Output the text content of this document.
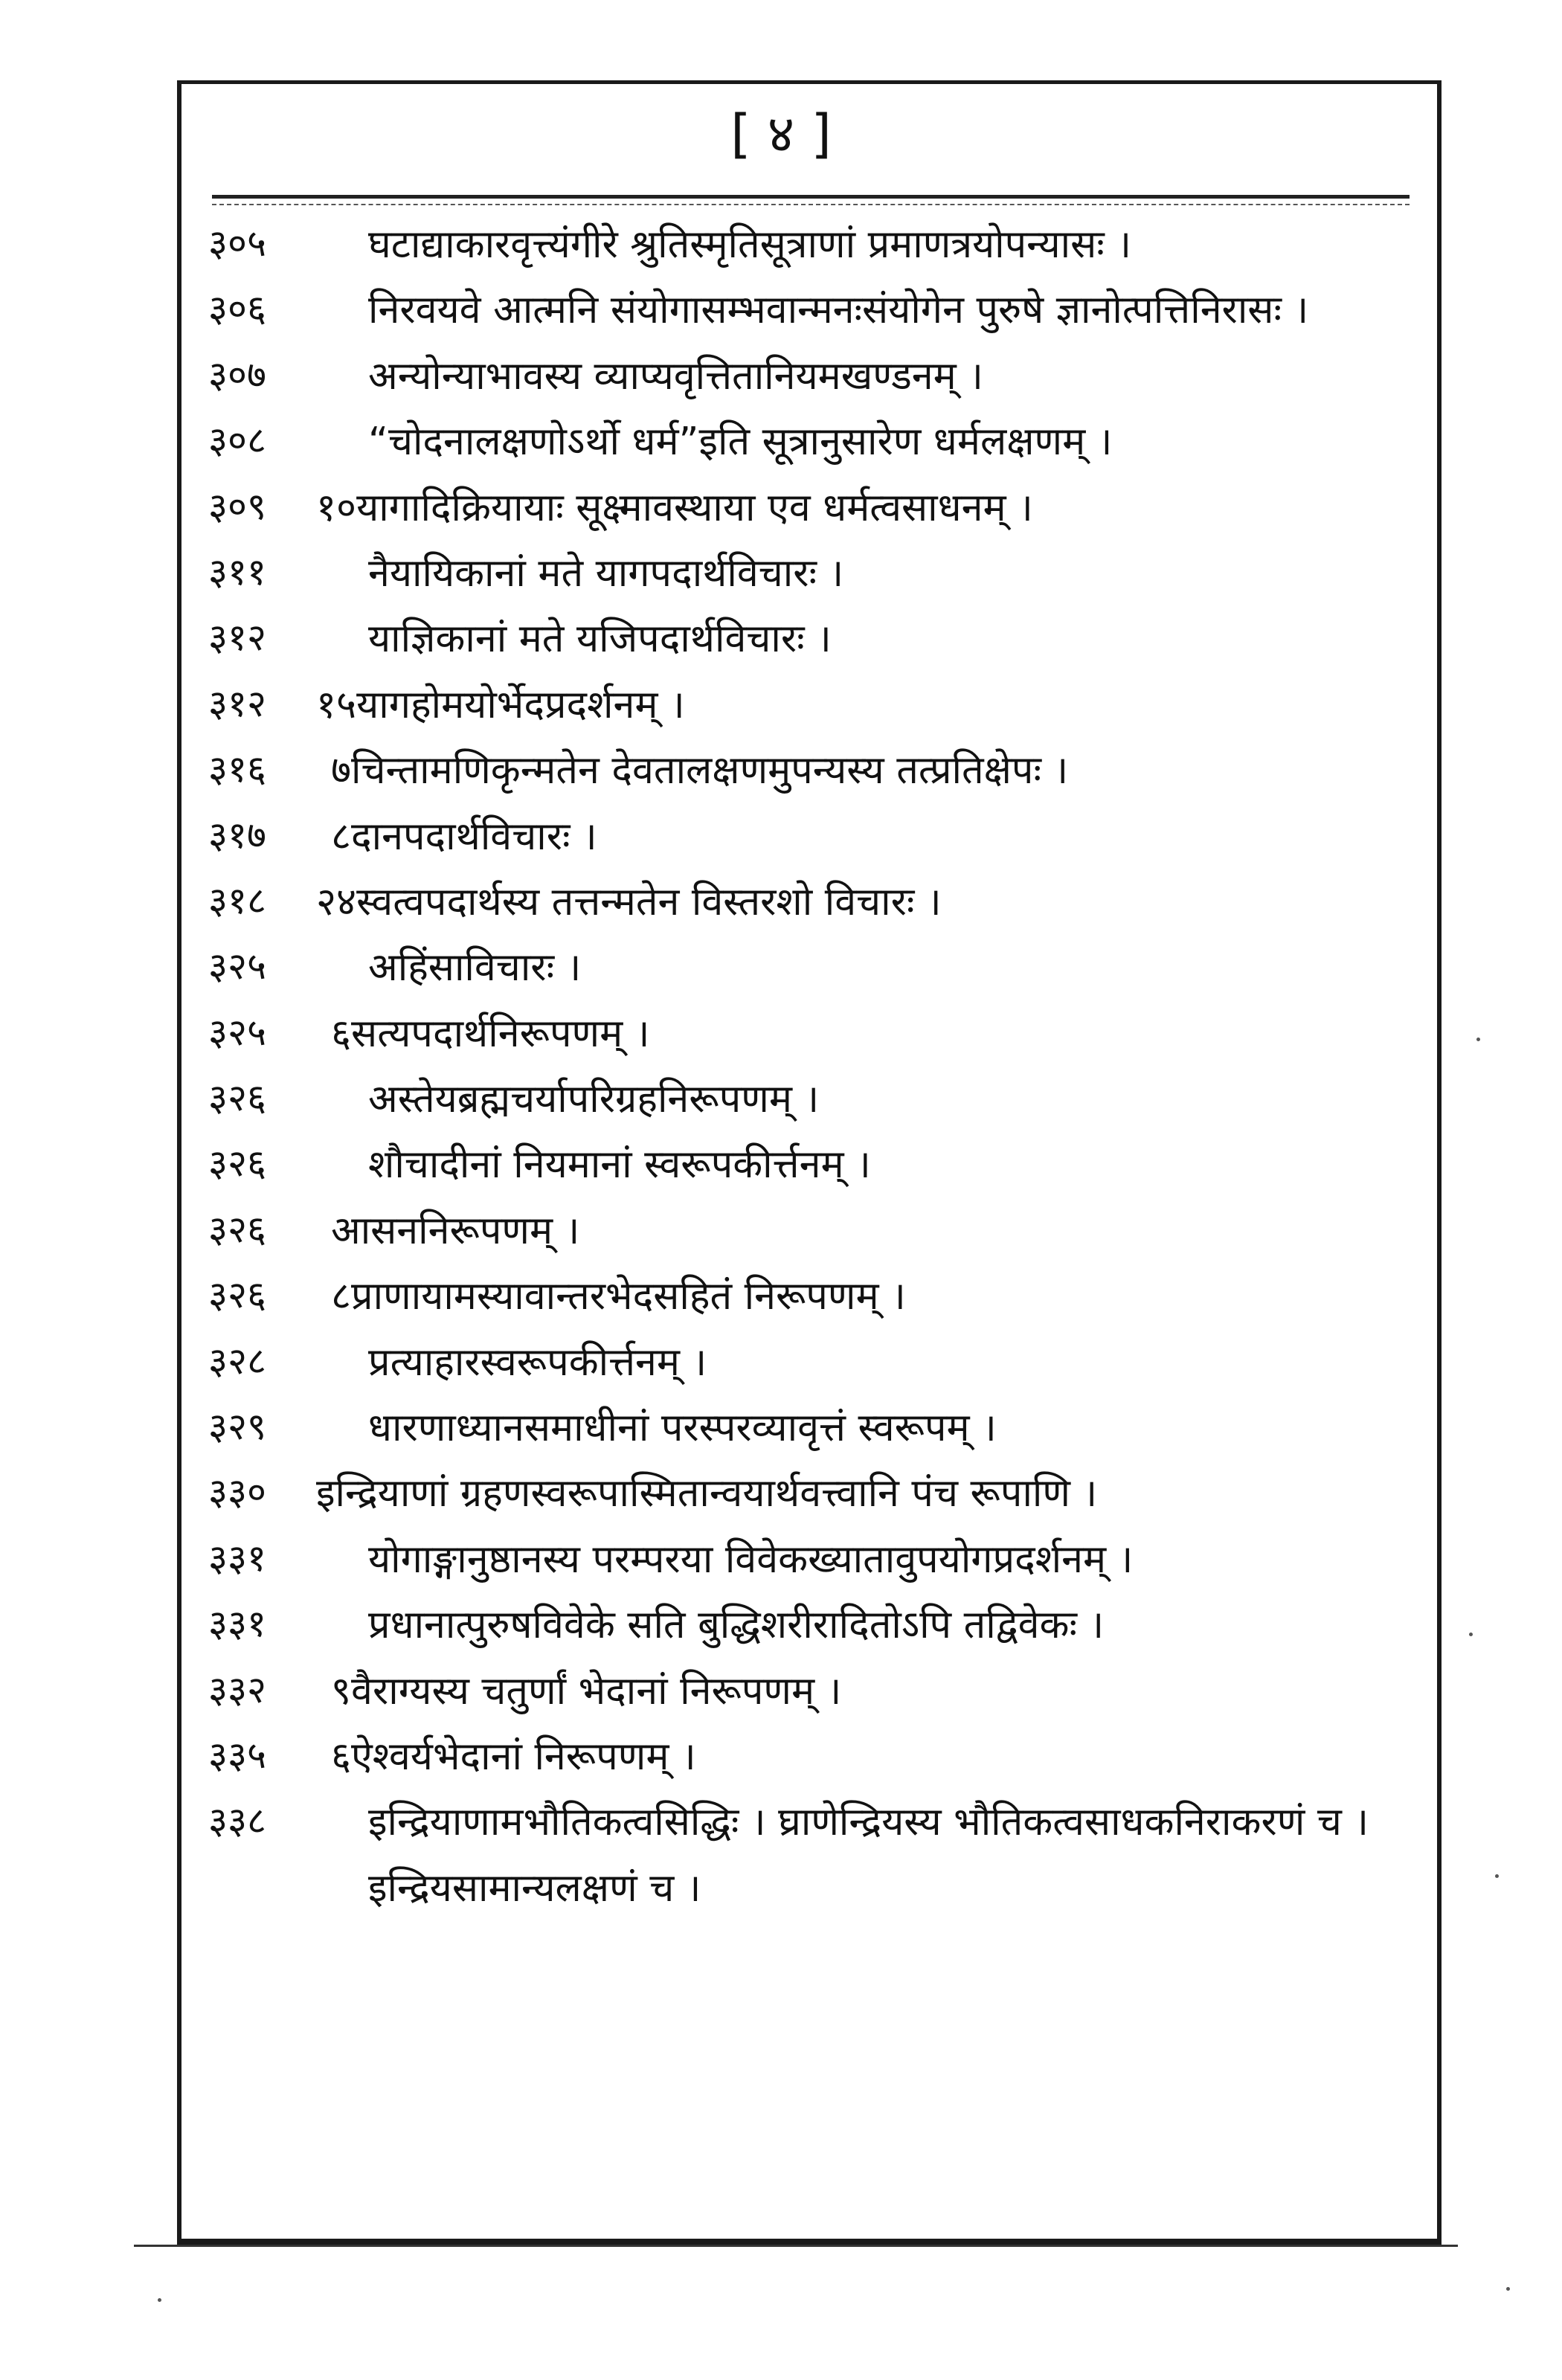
[ ४ ]
३०५	घटाद्याकारवृत्त्यंगीरे श्रुतिस्मृतिसूत्राणां प्रमाणत्रयोपन्यासः ।
३०६	निरवयवे आत्मनि संयोगासम्भवान्मनःसंयोगेन पुरुषे ज्ञानोत्पत्तिनिरासः ।
३०७	अन्योन्याभावस्य व्याप्यवृत्तितानियमखण्डनम् ।
३०८	“चोदनालक्षणोऽर्थो धर्म”इति सूत्रानुसारेण धर्मलक्षणम् ।
३०९	१०यागादिक्रियायाः सूक्ष्मावस्थाया एव धर्मत्वसाधनम् ।
३११	नैयायिकानां मते यागपदार्थविचारः ।
३१२	याज्ञिकानां मते यजिपदार्थविचारः ।
३१२	१५यागहोमयोर्भेदप्रदर्शनम् ।
३१६	७चिन्तामणिकृन्मतेन देवतालक्षणमुपन्यस्य तत्प्रतिक्षेपः ।
३१७	८दानपदार्थविचारः ।
३१८	२४स्वत्वपदार्थस्य तत्तन्मतेन विस्तरशो विचारः ।
३२५	अहिंसाविचारः ।
३२५	६सत्यपदार्थनिरूपणम् ।
३२६	अस्तेयब्रह्मचर्यापरिग्रहनिरूपणम् ।
३२६	शौचादीनां नियमानां स्वरूपकीर्त्तनम् ।
३२६	आसननिरूपणम् ।
३२६	८प्राणायामस्यावान्तरभेदसहितं निरूपणम् ।
३२८	प्रत्याहारस्वरूपकीर्त्तनम् ।
३२९	धारणाध्यानसमाधीनां परस्परव्यावृत्तं स्वरूपम् ।
३३०	इन्द्रियाणां ग्रहणस्वरूपास्मितान्वयार्थवत्त्वानि पंच रूपाणि ।
३३१	योगाङ्गानुष्ठानस्य परम्परया विवेकख्यातावुपयोगप्रदर्शनम् ।
३३१	प्रधानात्पुरुषविवेके सति बुद्धिशरीरादितोऽपि तद्विवेकः ।
३३२	९वैराग्यस्य चतुर्णां भेदानां निरूपणम् ।
३३५	६ऐश्वर्यभेदानां निरूपणम् ।
३३८	इन्द्रियाणामभौतिकत्वसिद्धिः । घ्राणेन्द्रियस्य भौतिकत्वसाधकनिराकरणं च । इन्द्रियसामान्यलक्षणं च ।
